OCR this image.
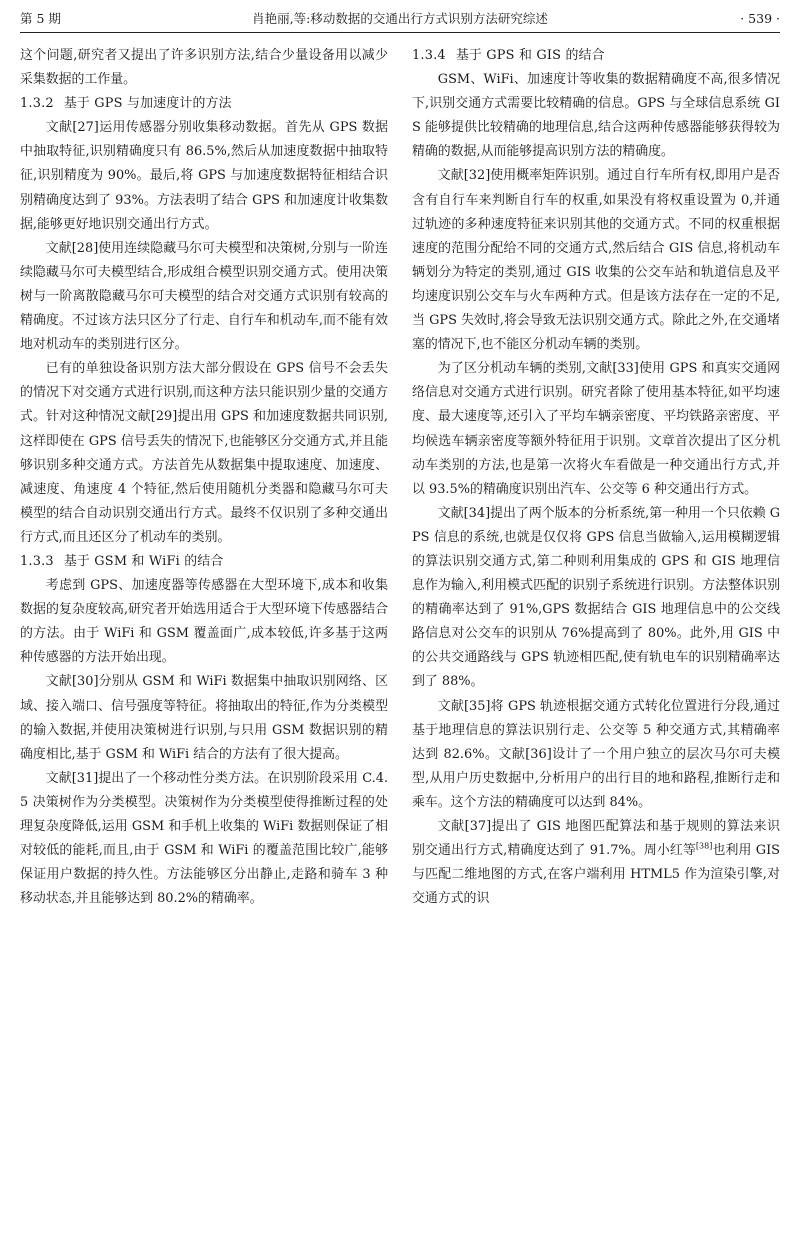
第 5 期	肖艳丽,等:移动数据的交通出行方式识别方法研究综述	· 539 ·

这个问题,研究者又提出了许多识别方法,结合少量设备用以减少采集数据的工作量。

1.3.2 基于 GPS 与加速度计的方法

文献[27]运用传感器分别收集移动数据。首先从 GPS 数据中抽取特征,识别精确度只有 86.5%,然后从加速度数据中抽取特征,识别精度为 90%。最后,将 GPS 与加速度数据特征相结合识别精确度达到了 93%。方法表明了结合 GPS 和加速度计收集数据,能够更好地识别交通出行方式。

文献[28]使用连续隐藏马尔可夫模型和决策树,分别与一阶连续隐藏马尔可夫模型结合,形成组合模型识别交通方式。使用决策树与一阶离散隐藏马尔可夫模型的结合对交通方式识别有较高的精确度。不过该方法只区分了行走、自行车和机动车,而不能有效地对机动车的类别进行区分。

已有的单独设备识别方法大部分假设在 GPS 信号不会丢失的情况下对交通方式进行识别,而这种方法只能识别少量的交通方式。针对这种情况文献[29]提出用 GPS 和加速度数据共同识别,这样即使在 GPS 信号丢失的情况下,也能够区分交通方式,并且能够识别多种交通方式。方法首先从数据集中提取速度、加速度、减速度、角速度 4 个特征,然后使用随机分类器和隐藏马尔可夫模型的结合自动识别交通出行方式。最终不仅识别了多种交通出行方式,而且还区分了机动车的类别。

1.3.3 基于 GSM 和 WiFi 的结合

考虑到 GPS、加速度器等传感器在大型环境下,成本和收集数据的复杂度较高,研究者开始选用适合于大型环境下传感器结合的方法。由于 WiFi 和 GSM 覆盖面广,成本较低,许多基于这两种传感器的方法开始出现。

文献[30]分别从 GSM 和 WiFi 数据集中抽取识别网络、区域、接入端口、信号强度等特征。将抽取出的特征,作为分类模型的输入数据,并使用决策树进行识别,与只用 GSM 数据识别的精确度相比,基于 GSM 和 WiFi 结合的方法有了很大提高。

文献[31]提出了一个移动性分类方法。在识别阶段采用 C.4.5 决策树作为分类模型。决策树作为分类模型使得推断过程的处理复杂度降低,运用 GSM 和手机上收集的 WiFi 数据则保证了相对较低的能耗,而且,由于 GSM 和 WiFi 的覆盖范围比较广,能够保证用户数据的持久性。方法能够区分出静止,走路和骑车 3 种移动状态,并且能够达到 80.2%的精确率。

1.3.4 基于 GPS 和 GIS 的结合

GSM、WiFi、加速度计等收集的数据精确度不高,很多情况下,识别交通方式需要比较精确的信息。GPS 与全球信息系统 GIS 能够提供比较精确的地理信息,结合这两种传感器能够获得较为精确的数据,从而能够提高识别方法的精确度。

文献[32]使用概率矩阵识别。通过自行车所有权,即用户是否含有自行车来判断自行车的权重,如果没有将权重设置为 0,并通过轨迹的多种速度特征来识别其他的交通方式。不同的权重根据速度的范围分配给不同的交通方式,然后结合 GIS 信息,将机动车辆划分为特定的类别,通过 GIS 收集的公交车站和轨道信息及平均速度识别公交车与火车两种方式。但是该方法存在一定的不足,当 GPS 失效时,将会导致无法识别交通方式。除此之外,在交通堵塞的情况下,也不能区分机动车辆的类别。

为了区分机动车辆的类别,文献[33]使用 GPS 和真实交通网络信息对交通方式进行识别。研究者除了使用基本特征,如平均速度、最大速度等,还引入了平均车辆亲密度、平均铁路亲密度、平均候选车辆亲密度等额外特征用于识别。文章首次提出了区分机动车类别的方法,也是第一次将火车看做是一种交通出行方式,并以 93.5%的精确度识别出汽车、公交等 6 种交通出行方式。

文献[34]提出了两个版本的分析系统,第一种用一个只依赖 GPS 信息的系统,也就是仅仅将 GPS 信息当做输入,运用模糊逻辑的算法识别交通方式,第二种则利用集成的 GPS 和 GIS 地理信息作为输入,利用模式匹配的识别子系统进行识别。方法整体识别的精确率达到了 91%,GPS 数据结合 GIS 地理信息中的公交线路信息对公交车的识别从 76%提高到了 80%。此外,用 GIS 中的公共交通路线与 GPS 轨迹相匹配,使有轨电车的识别精确率达到了 88%。

文献[35]将 GPS 轨迹根据交通方式转化位置进行分段,通过基于地理信息的算法识别行走、公交等 5 种交通方式,其精确率达到 82.6%。文献[36]设计了一个用户独立的层次马尔可夫模型,从用户历史数据中,分析用户的出行目的地和路程,推断行走和乘车。这个方法的精确度可以达到 84%。

文献[37]提出了 GIS 地图匹配算法和基于规则的算法来识别交通出行方式,精确度达到了 91.7%。周小红等[38]也利用 GIS 与匹配二维地图的方式,在客户端利用 HTML5 作为渲染引擎,对交通方式的识
